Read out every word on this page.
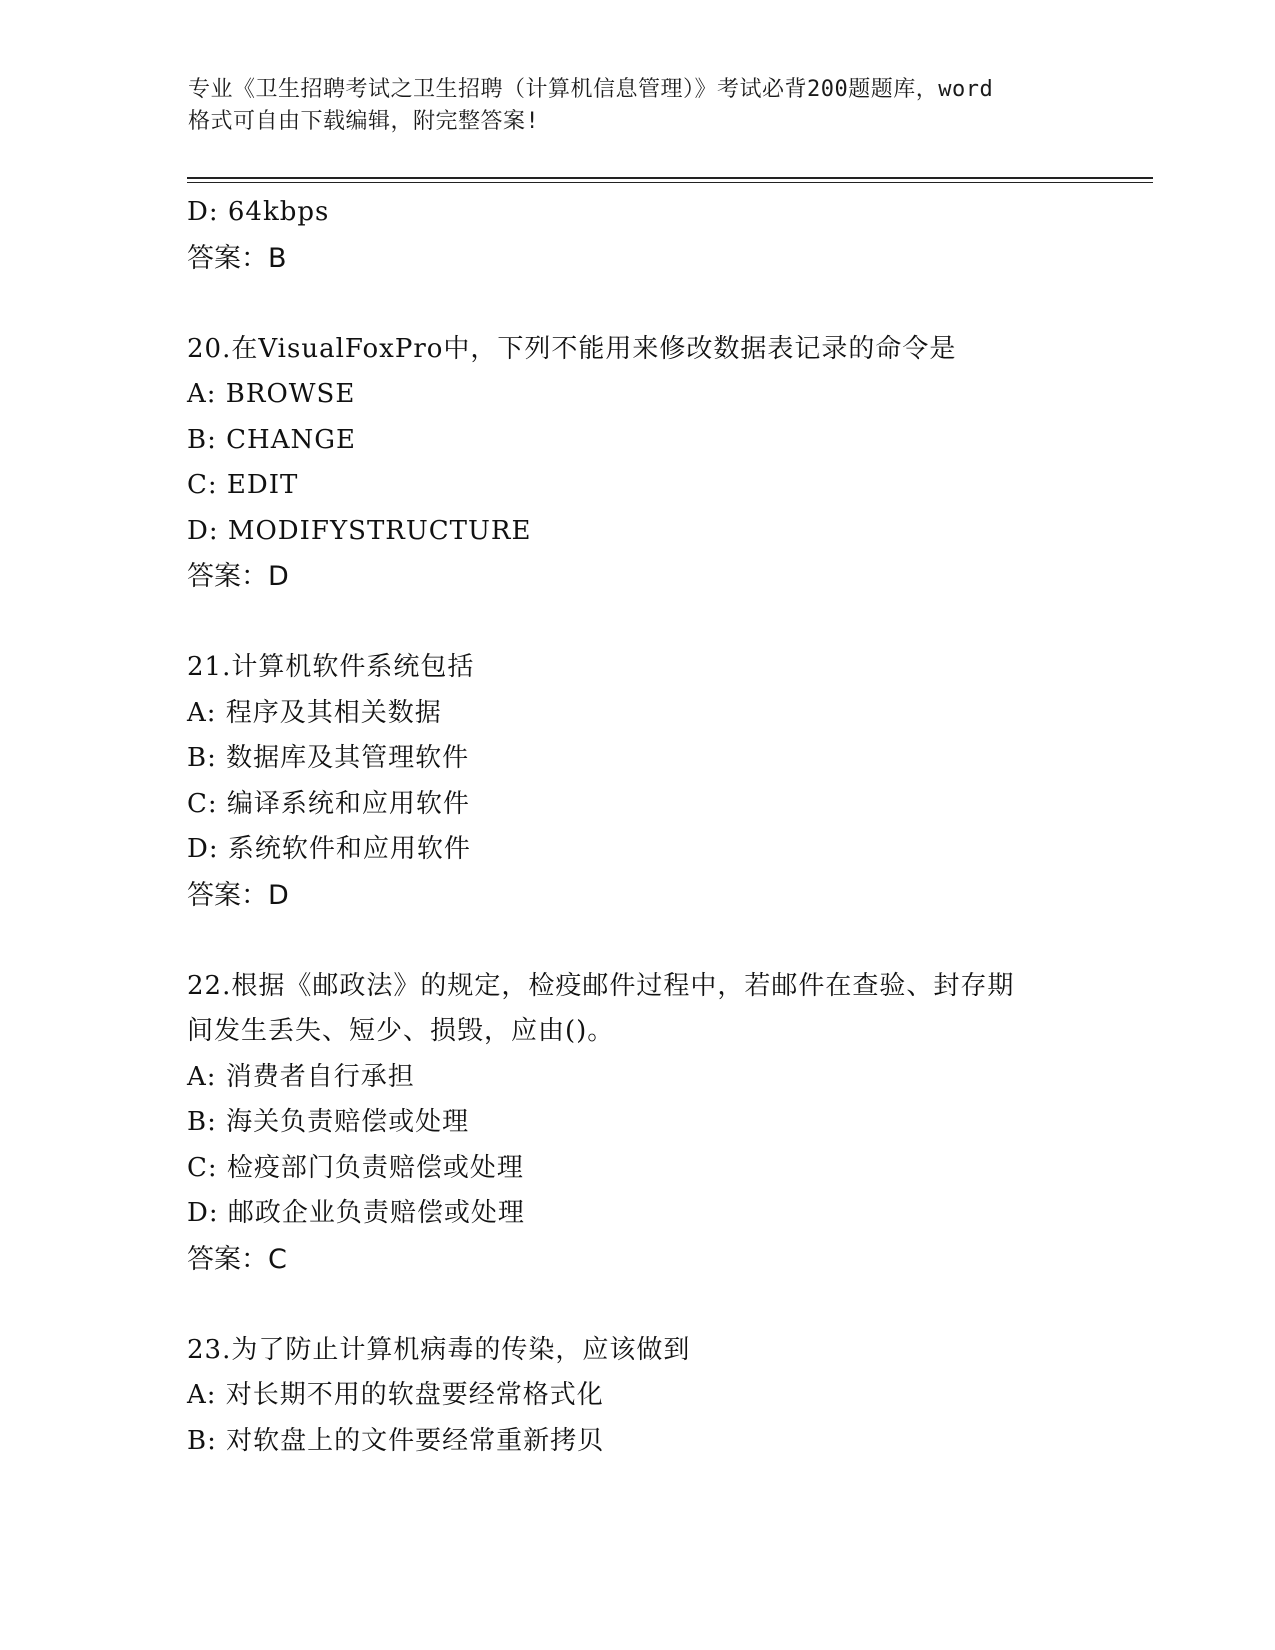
专业《卫生招聘考试之卫生招聘（计算机信息管理）》考试必背200题题库，word
格式可自由下载编辑，附完整答案!
D: 64kbps
答案：B
20.在VisualFoxPro中，下列不能用来修改数据表记录的命令是
A: BROWSE
B: CHANGE
C: EDIT
D: MODIFYSTRUCTURE
答案：D
21.计算机软件系统包括
A: 程序及其相关数据
B: 数据库及其管理软件
C: 编译系统和应用软件
D: 系统软件和应用软件
答案：D
22.根据《邮政法》的规定，检疫邮件过程中，若邮件在查验、封存期
间发生丢失、短少、损毁，应由()。
A: 消费者自行承担
B: 海关负责赔偿或处理
C: 检疫部门负责赔偿或处理
D: 邮政企业负责赔偿或处理
答案：C
23.为了防止计算机病毒的传染，应该做到
A: 对长期不用的软盘要经常格式化
B: 对软盘上的文件要经常重新拷贝
